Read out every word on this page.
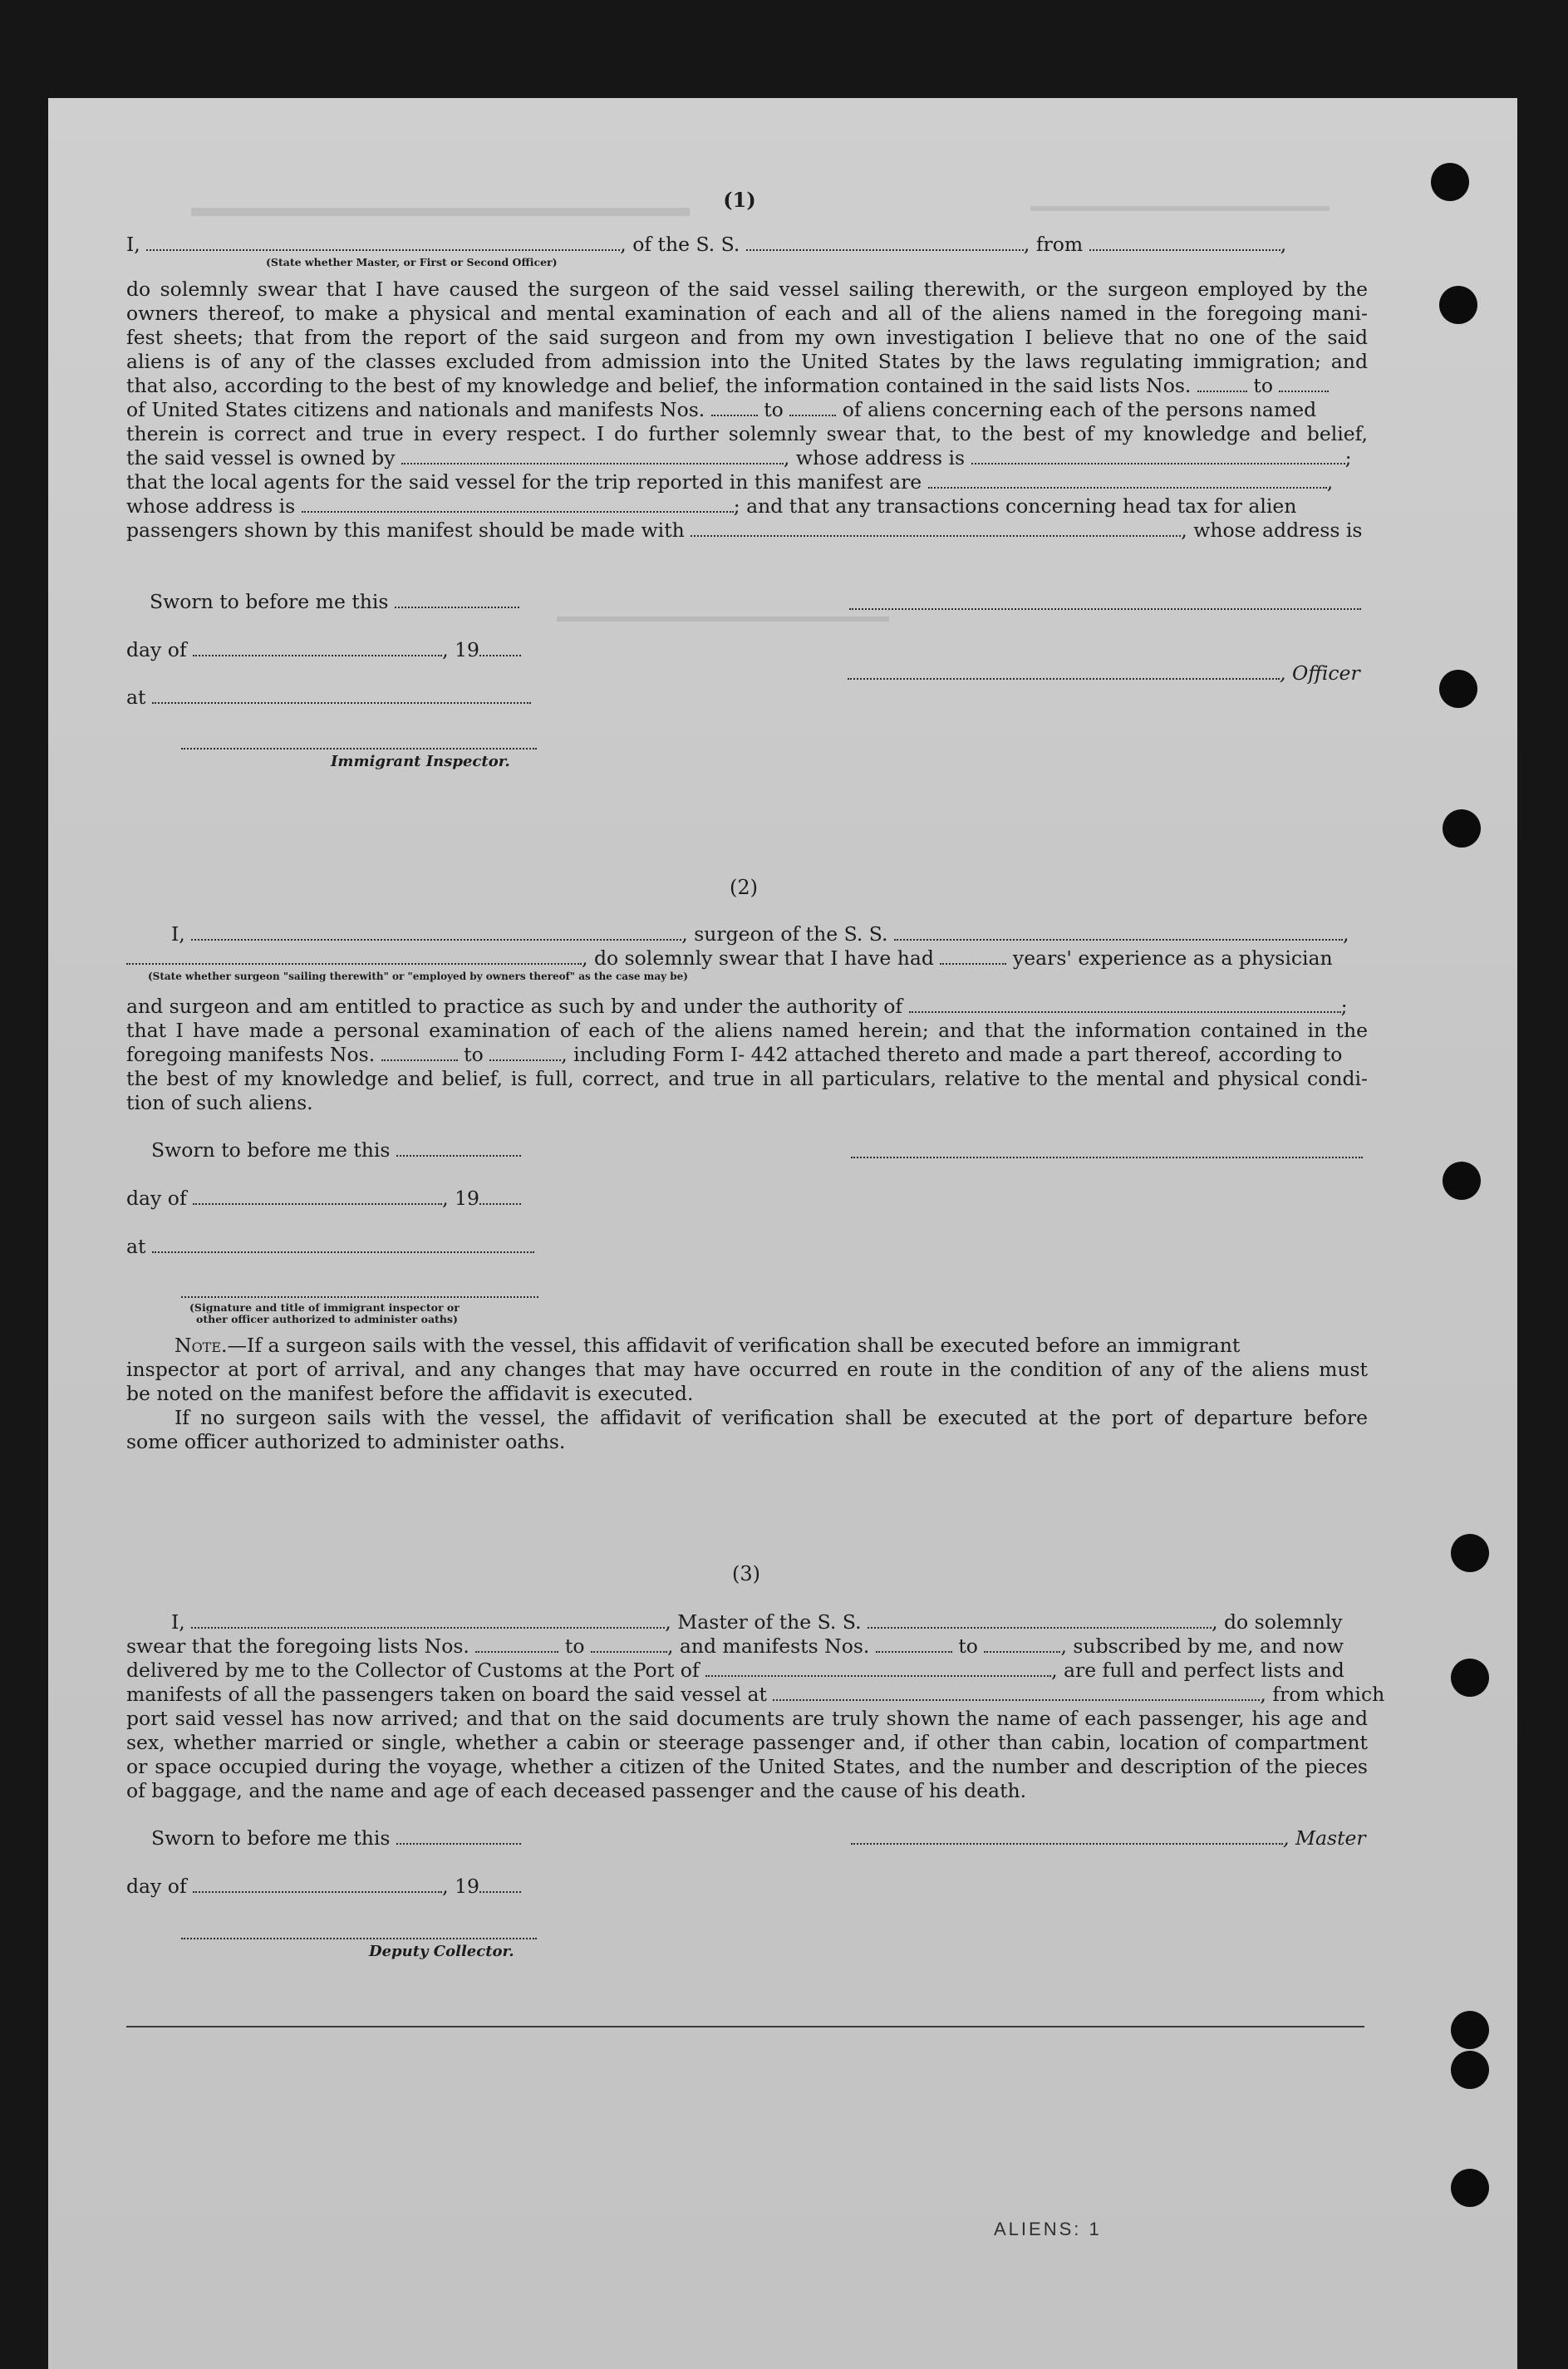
(1)
I,	, of the S. S.	, from	,
(State whether Master, or First or Second Officer)
do solemnly swear that I have caused the surgeon of the said vessel sailing therewith, or the surgeon employed by the
owners thereof, to make a physical and mental examination of each and all of the aliens named in the foregoing mani-
fest sheets; that from the report of the said surgeon and from my own investigation I believe that no one of the said
aliens is of any of the classes excluded from admission into the United States by the laws regulating immigration; and
that also, according to the best of my knowledge and belief, the information contained in the said lists Nos.	to
of United States citizens and nationals and manifests Nos.	to	of aliens concerning each of the persons named
therein is correct and true in every respect. I do further solemnly swear that, to the best of my knowledge and belief,
the said vessel is owned by	, whose address is	;
that the local agents for the said vessel for the trip reported in this manifest are	,
whose address is	; and that any transactions concerning head tax for alien
passengers shown by this manifest should be made with	, whose address is
Sworn to before me this
day of	, 19
, Officer
at
Immigrant Inspector.
(2)
I,	, surgeon of the S. S.	,
, do solemnly swear that I have had	years' experience as a physician
(State whether surgeon "sailing therewith" or "employed by owners thereof" as the case may be)
and surgeon and am entitled to practice as such by and under the authority of	;
that I have made a personal examination of each of the aliens named herein; and that the information contained in the
foregoing manifests Nos.	to	, including Form I- 442 attached thereto and made a part thereof, according to
the best of my knowledge and belief, is full, correct, and true in all particulars, relative to the mental and physical condi-
tion of such aliens.
Sworn to before me this
day of	, 19
at
(Signature and title of immigrant inspector or
other officer authorized to administer oaths)
Note.—If a surgeon sails with the vessel, this affidavit of verification shall be executed before an immigrant
inspector at port of arrival, and any changes that may have occurred en route in the condition of any of the aliens must
be noted on the manifest before the affidavit is executed.
If no surgeon sails with the vessel, the affidavit of verification shall be executed at the port of departure before
some officer authorized to administer oaths.
(3)
I,	, Master of the S. S.	, do solemnly
swear that the foregoing lists Nos.	to	, and manifests Nos.	to	, subscribed by me, and now
delivered by me to the Collector of Customs at the Port of	, are full and perfect lists and
manifests of all the passengers taken on board the said vessel at	, from which
port said vessel has now arrived; and that on the said documents are truly shown the name of each passenger, his age and
sex, whether married or single, whether a cabin or steerage passenger and, if other than cabin, location of compartment
or space occupied during the voyage, whether a citizen of the United States, and the number and description of the pieces
of baggage, and the name and age of each deceased passenger and the cause of his death.
Sworn to before me this	, Master
day of	, 19
Deputy Collector.
ALIENS: 1
